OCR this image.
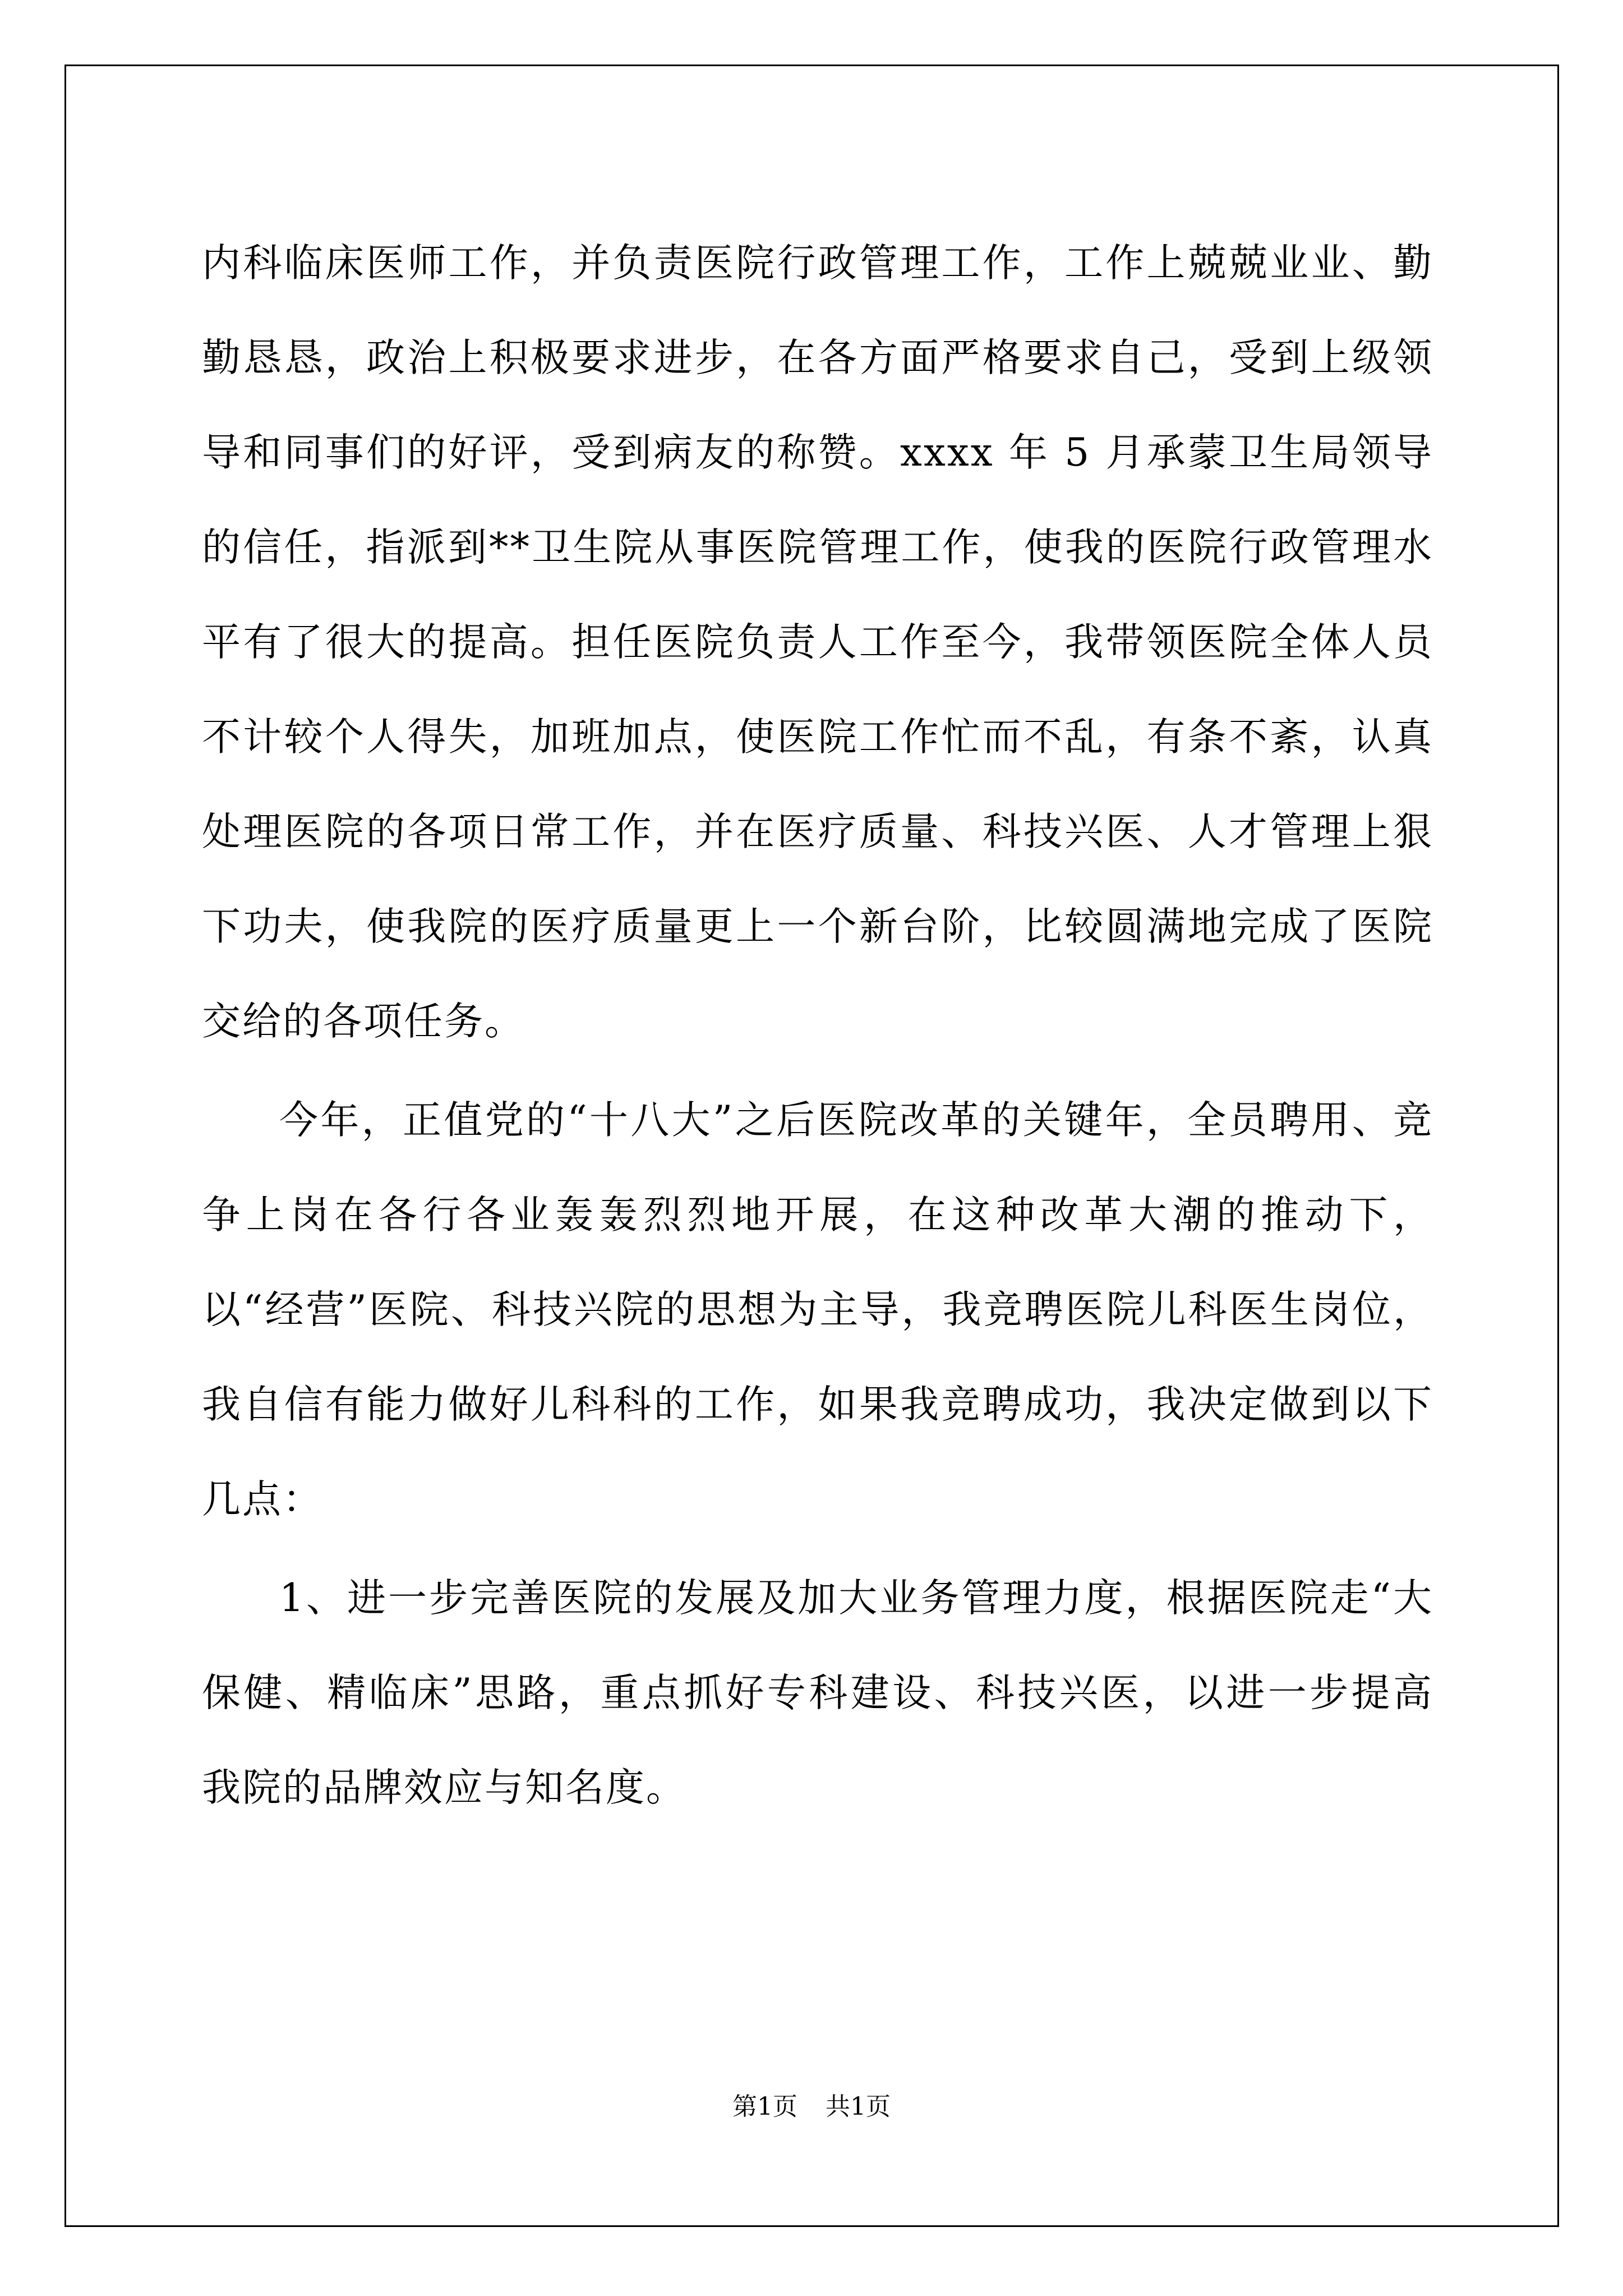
内科临床医师工作，并负责医院行政管理工作，工作上兢兢业业、勤勤恳恳，政治上积极要求进步，在各方面严格要求自己，受到上级领导和同事们的好评，受到病友的称赞。xxxx 年 5 月承蒙卫生局领导的信任，指派到**卫生院从事医院管理工作，使我的医院行政管理水平有了很大的提高。担任医院负责人工作至今，我带领医院全体人员不计较个人得失，加班加点，使医院工作忙而不乱，有条不紊，认真处理医院的各项日常工作，并在医疗质量、科技兴医、人才管理上狠下功夫，使我院的医疗质量更上一个新台阶，比较圆满地完成了医院交给的各项任务。

今年，正值党的“十八大”之后医院改革的关键年，全员聘用、竞争上岗在各行各业轰轰烈烈地开展，在这种改革大潮的推动下，以“经营”医院、科技兴院的思想为主导，我竞聘医院儿科医生岗位，我自信有能力做好儿科科的工作，如果我竞聘成功，我决定做到以下几点：

1、进一步完善医院的发展及加大业务管理力度，根据医院走“大保健、精临床”思路，重点抓好专科建设、科技兴医，以进一步提高我院的品牌效应与知名度。

第1页 共1页
